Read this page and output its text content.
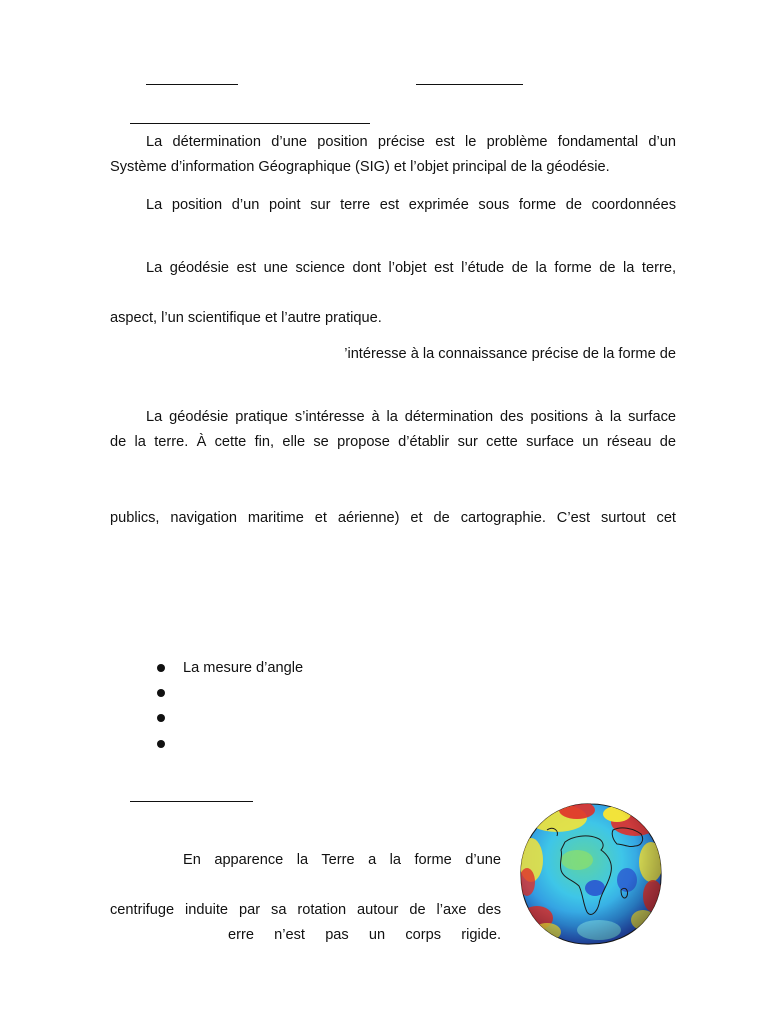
La détermination d’une position précise est le problème fondamental d’un
Système d’information Géographique (SIG) et l’objet principal de la géodésie.
La position d’un point sur terre est exprimée sous forme de coordonnées
La géodésie est une science dont l’objet est l’étude de la forme de la terre,
aspect, l’un scientifique et l’autre pratique.
’intéresse à la connaissance précise de la forme de
La géodésie pratique s’intéresse à la détermination des positions à la surface
de la terre. À cette fin, elle se propose d’établir sur cette surface un réseau de
publics, navigation maritime et aérienne) et de cartographie. C’est surtout cet
La mesure d’angle
En apparence la Terre a la forme d’une
centrifuge induite par sa rotation autour de l’axe des
erre n’est pas un corps rigide.
